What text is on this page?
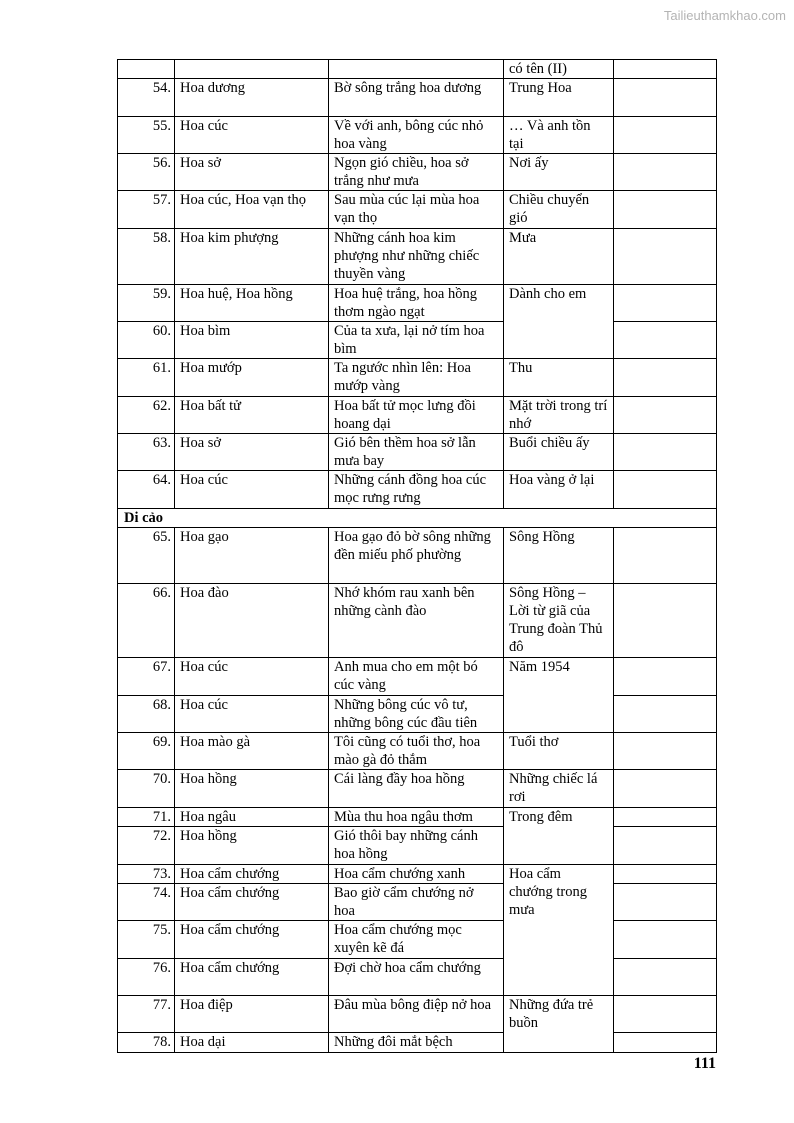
Tailieuthamkhao.com
			có tên (II)	
54.	Hoa dương	Bờ sông trắng hoa dương	Trung Hoa	
55.	Hoa cúc	Về với anh, bông cúc nhỏ hoa vàng	… Và anh tồn tại	
56.	Hoa sở	Ngọn gió chiều, hoa sở trắng như mưa	Nơi ấy	
57.	Hoa cúc, Hoa vạn thọ	Sau mùa cúc lại mùa hoa vạn thọ	Chiều chuyển gió	
58.	Hoa kim phượng	Những cánh hoa kim phượng như những chiếc thuyền vàng	Mưa	
59.	Hoa huệ, Hoa hồng	Hoa huệ trắng, hoa hồng thơm ngào ngạt	Dành cho em	
60.	Hoa bìm	Của ta xưa, lại nở tím hoa bìm		
61.	Hoa mướp	Ta ngước nhìn lên: Hoa mướp vàng	Thu	
62.	Hoa bất tử	Hoa bất tử mọc lưng đồi hoang dại	Mặt trời trong trí nhớ	
63.	Hoa sở	Gió bên thềm hoa sở lẫn mưa bay	Buổi chiều ấy	
64.	Hoa cúc	Những cánh đồng hoa cúc mọc rưng rưng	Hoa vàng ở lại	
Di cảo				
65.	Hoa gạo	Hoa gạo đỏ bờ sông những đền miếu phố phường	Sông Hồng	
66.	Hoa đào	Nhớ khóm rau xanh bên những cành đào	Sông Hồng – Lời từ giã của Trung đoàn Thủ đô	
67.	Hoa cúc	Anh mua cho em một bó cúc vàng	Năm 1954	
68.	Hoa cúc	Những bông cúc vô tư, những bông cúc đầu tiên		
69.	Hoa mào gà	Tôi cũng có tuổi thơ, hoa mào gà đỏ thắm	Tuổi thơ	
70.	Hoa hồng	Cái làng đầy hoa hồng	Những chiếc lá rơi	
71.	Hoa ngâu	Mùa thu hoa ngâu thơm	Trong đêm	
72.	Hoa hồng	Gió thôi bay những cánh hoa hồng		
73.	Hoa cẩm chướng	Hoa cẩm chướng xanh	Hoa cẩm chướng trong mưa	
74.	Hoa cẩm chướng	Bao giờ cẩm chướng nở hoa		
75.	Hoa cẩm chướng	Hoa cẩm chướng mọc xuyên kẽ đá		
76.	Hoa cẩm chướng	Đợi chờ hoa cẩm chướng		
77.	Hoa điệp	Đâu mùa bông điệp nở hoa	Những đứa trẻ buồn	
78.	Hoa dại	Những đôi mắt bệch		
111
